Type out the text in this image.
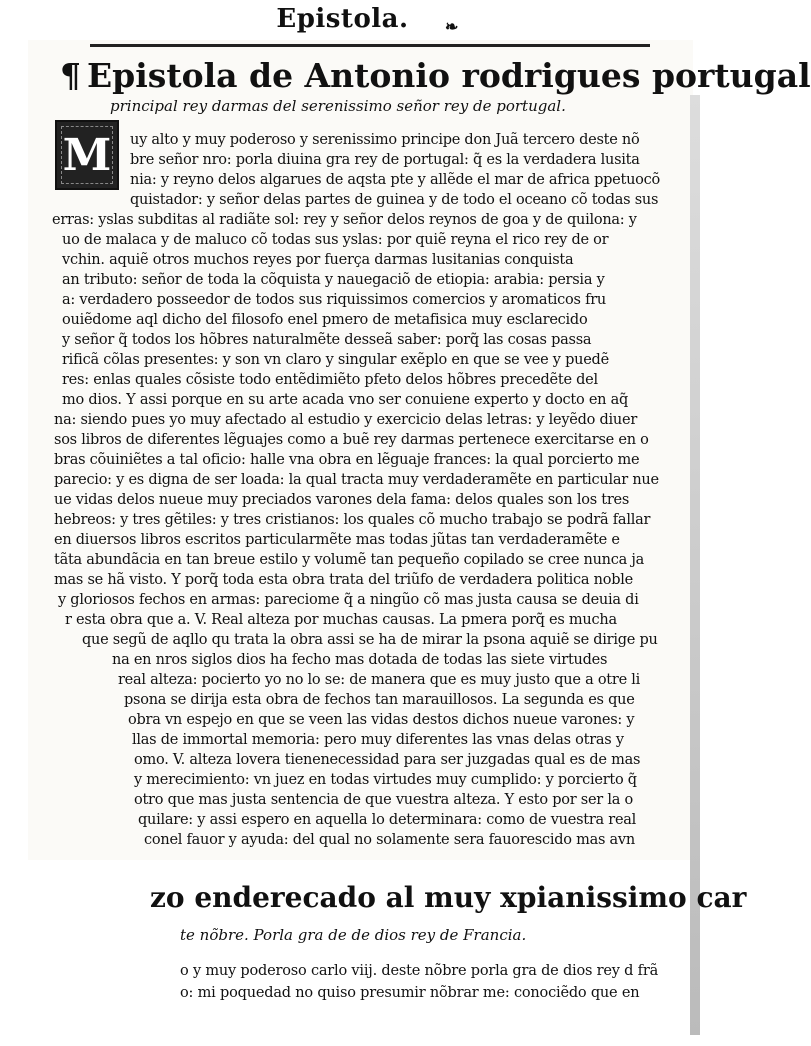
Epistola. ❧
¶ Epistola de Antonio rodrigues portugal
principal rey darmas del serenissimo señor rey de portugal.
M uy alto y muy poderoso y serenissimo principe don Juã tercero deste nõ
bre señor nro: porla diuina gra rey de portugal: q̃ es la verdadera lusita
nia: y reyno delos algarues de aqsta pte y allẽde el mar de africa ppetuocõ
quistador: y señor delas partes de guinea y de todo el oceano cõ todas sus
erras: yslas subditas al radiãte sol: rey y señor delos reynos de goa y de quilona: y
uo de malaca y de maluco cõ todas sus yslas: por quiẽ reyna el rico rey de or
vchin. aquiẽ otros muchos reyes por fuerça darmas lusitanias conquista
an tributo: señor de toda la cõquista y nauegaciõ de etiopia: arabia: persia y
a: verdadero posseedor de todos sus riquissimos comercios y aromaticos fru
ouiẽdome aql dicho del filosofo enel pmero de metafisica muy esclarecido
y señor q̃ todos los hõbres naturalmẽte desseã saber: porq̃ las cosas passa
rificã cõlas presentes: y son vn claro y singular exẽplo en que se vee y puedẽ
res: enlas quales cõsiste todo entẽdimiẽto pfeto delos hõbres precedẽte del
mo dios. Y assi porque en su arte acada vno ser conuiene experto y docto en aq̃
na: siendo pues yo muy afectado al estudio y exercicio delas letras: y leyẽdo diuer
sos libros de diferentes lẽguajes como a buẽ rey darmas pertenece exercitarse en o
bras cõuiniẽtes a tal oficio: halle vna obra en lẽguaje frances: la qual porcierto me
parecio: y es digna de ser loada: la qual tracta muy verdaderamẽte en particular nue
ue vidas delos nueue muy preciados varones dela fama: delos quales son los tres
hebreos: y tres gẽtiles: y tres cristianos: los quales cõ mucho trabajo se podrã fallar
en diuersos libros escritos particularmẽte mas todas jũtas tan verdaderamẽte e
tãta abundãcia en tan breue estilo y volumẽ tan pequeño copilado se cree nunca ja
mas se hã visto. Y porq̃ toda esta obra trata del triũfo de verdadera politica noble
y gloriosos fechos en armas: pareciome q̃ a ningũo cõ mas justa causa se deuia di
r esta obra que a. V. Real alteza por muchas causas. La pmera porq̃ es mucha
que segũ de aqllo qu trata la obra assi se ha de mirar la psona aquiẽ se dirige pu
na en nros siglos dios ha fecho mas dotada de todas las siete virtudes
real alteza: pocierto yo no lo se: de manera que es muy justo que a otre li
psona se dirija esta obra de fechos tan marauillosos. La segunda es que
obra vn espejo en que se veen las vidas destos dichos nueue varones: y
llas de immortal memoria: pero muy diferentes las vnas delas otras y
omo. V. alteza lovera tienenecessidad para ser juzgadas qual es de mas
y merecimiento: vn juez en todas virtudes muy cumplido: y porcierto q̃
otro que mas justa sentencia de que vuestra alteza. Y esto por ser la o
quilare: y assi espero en aquella lo determinara: como de vuestra real
conel fauor y ayuda: del qual no solamente sera fauorescido mas avn
zo enderecado al muy xpianissimo car
te nõbre. Porla gra de de dios rey de Francia.
o y muy poderoso carlo viij. deste nõbre porla gra de dios rey d frã
o: mi poquedad no quiso presumir nõbrar me: conociẽdo que en
